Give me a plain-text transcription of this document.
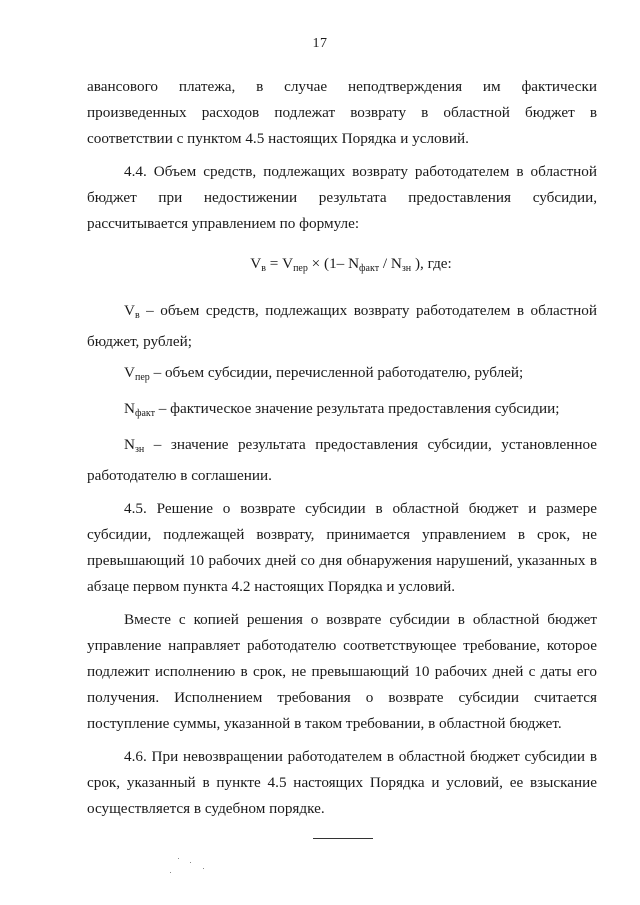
17

авансового платежа, в случае неподтверждения им фактически произведенных расходов подлежат возврату в областной бюджет в соответствии с пунктом 4.5 настоящих Порядка и условий.

4.4. Объем средств, подлежащих возврату работодателем в областной бюджет при недостижении результата предоставления субсидии, рассчитывается управлением по формуле:

$V_в = V_{пер} \times (1-$ $N_{факт} / N_{зн}$ ), где:

$V_в$ – объем средств, подлежащих возврату работодателем в областной бюджет, рублей;

$V_{пер}$ – объем субсидии, перечисленной работодателю, рублей;

$N_{факт}$ – фактическое значение результата предоставления субсидии;

$N_{зн}$ – значение результата предоставления субсидии, установленное работодателю в соглашении.

4.5. Решение о возврате субсидии в областной бюджет и размере субсидии, подлежащей возврату, принимается управлением в срок, не превышающий 10 рабочих дней со дня обнаружения нарушений, указанных в абзаце первом пункта 4.2 настоящих Порядка и условий.

Вместе с копией решения о возврате субсидии в областной бюджет управление направляет работодателю соответствующее требование, которое подлежит исполнению в срок, не превышающий 10 рабочих дней с даты его получения. Исполнением требования о возврате субсидии считается поступление суммы, указанной в таком требовании, в областной бюджет.

4.6. При невозвращении работодателем в областной бюджет субсидии в срок, указанный в пункте 4.5 настоящих Порядка и условий, ее взыскание осуществляется в судебном порядке.
